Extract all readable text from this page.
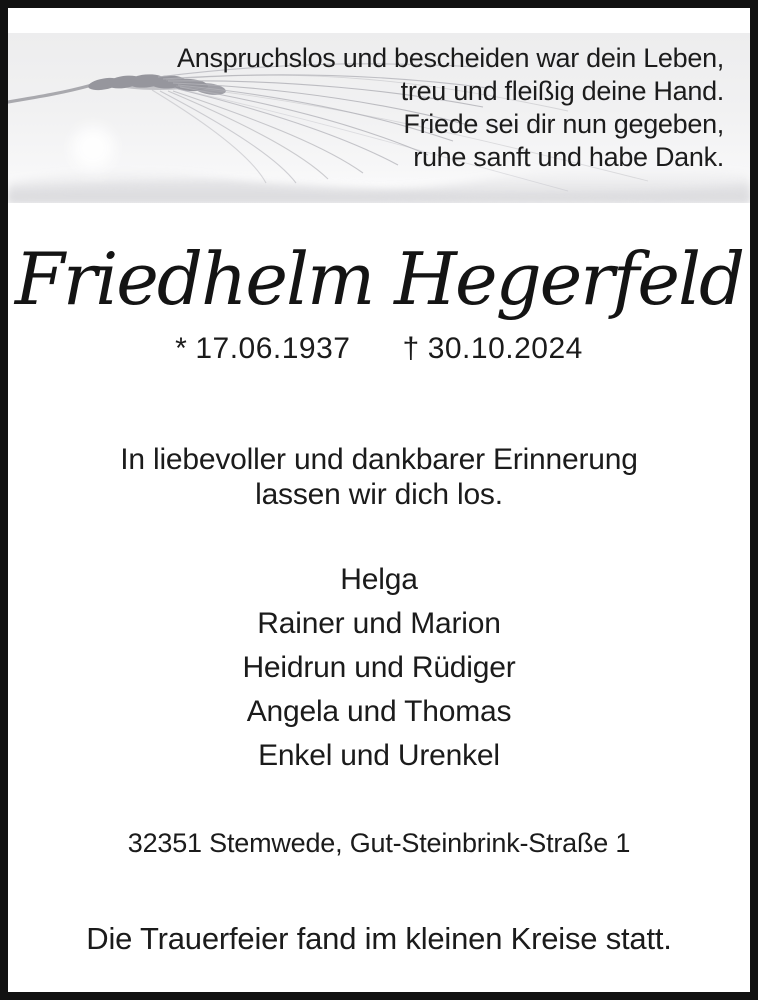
Anspruchslos und bescheiden war dein Leben,
treu und fleißig deine Hand.
Friede sei dir nun gegeben,
ruhe sanft und habe Dank.
Friedhelm Hegerfeld
* 17.06.1937 † 30.10.2024
In liebevoller und dankbarer Erinnerung
lassen wir dich los.
Helga
Rainer und Marion
Heidrun und Rüdiger
Angela und Thomas
Enkel und Urenkel
32351 Stemwede, Gut-Steinbrink-Straße 1
Die Trauerfeier fand im kleinen Kreise statt.
